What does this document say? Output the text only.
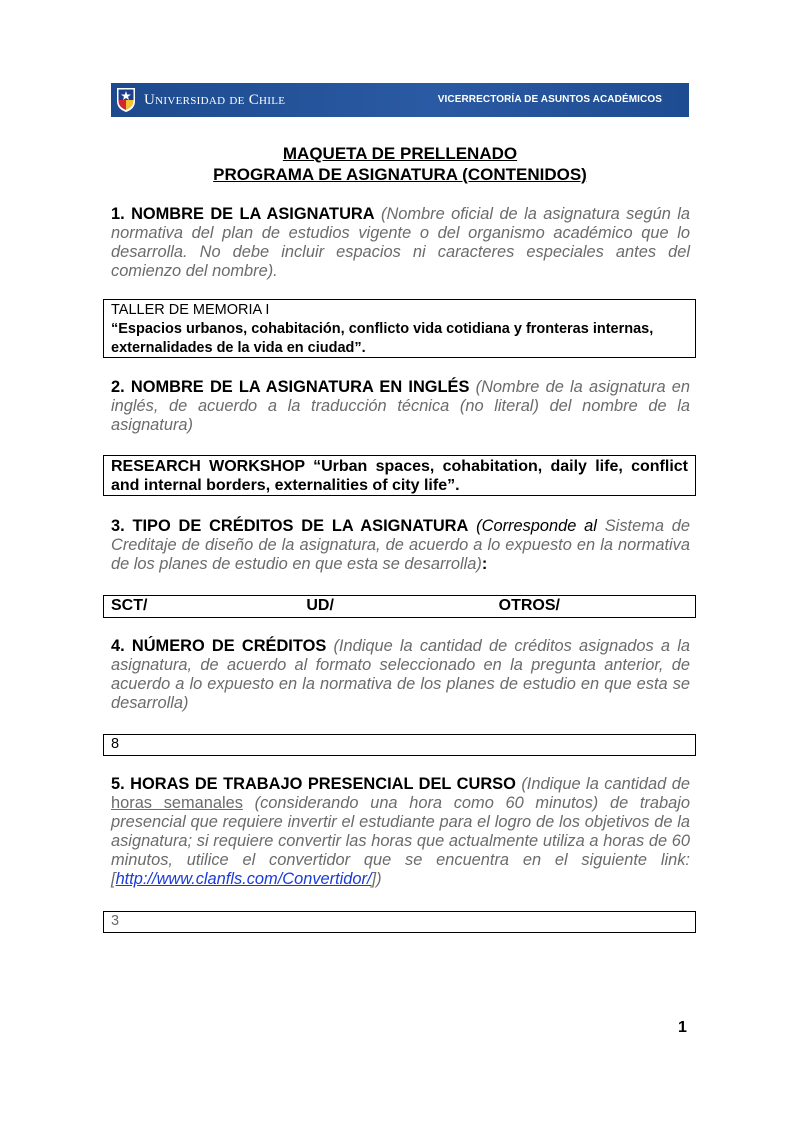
Universidad de Chile	VICERRECTORÍA DE ASUNTOS ACADÉMICOS
MAQUETA DE PRELLENADO
PROGRAMA DE ASIGNATURA (CONTENIDOS)
1. NOMBRE DE LA ASIGNATURA (Nombre oficial de la asignatura según la normativa del plan de estudios vigente o del organismo académico que lo desarrolla. No debe incluir espacios ni caracteres especiales antes del comienzo del nombre).
TALLER DE MEMORIA I
“Espacios urbanos, cohabitación, conflicto vida cotidiana y fronteras internas, externalidades de la vida en ciudad”.
2. NOMBRE DE LA ASIGNATURA EN INGLÉS (Nombre de la asignatura en inglés, de acuerdo a la traducción técnica (no literal) del nombre de la asignatura)
RESEARCH WORKSHOP “Urban spaces, cohabitation, daily life, conflict and internal borders, externalities of city life”.
3. TIPO DE CRÉDITOS DE LA ASIGNATURA (Corresponde al Sistema de Creditaje de diseño de la asignatura, de acuerdo a lo expuesto en la normativa de los planes de estudio en que esta se desarrolla):
SCT/	UD/	OTROS/
4. NÚMERO DE CRÉDITOS (Indique la cantidad de créditos asignados a la asignatura, de acuerdo al formato seleccionado en la pregunta anterior, de acuerdo a lo expuesto en la normativa de los planes de estudio en que esta se desarrolla)
8
5. HORAS DE TRABAJO PRESENCIAL DEL CURSO (Indique la cantidad de horas semanales (considerando una hora como 60 minutos) de trabajo presencial que requiere invertir el estudiante para el logro de los objetivos de la asignatura; si requiere convertir las horas que actualmente utiliza a horas de 60 minutos, utilice el convertidor que se encuentra en el siguiente link: [http://www.clanfls.com/Convertidor/])
3
1
